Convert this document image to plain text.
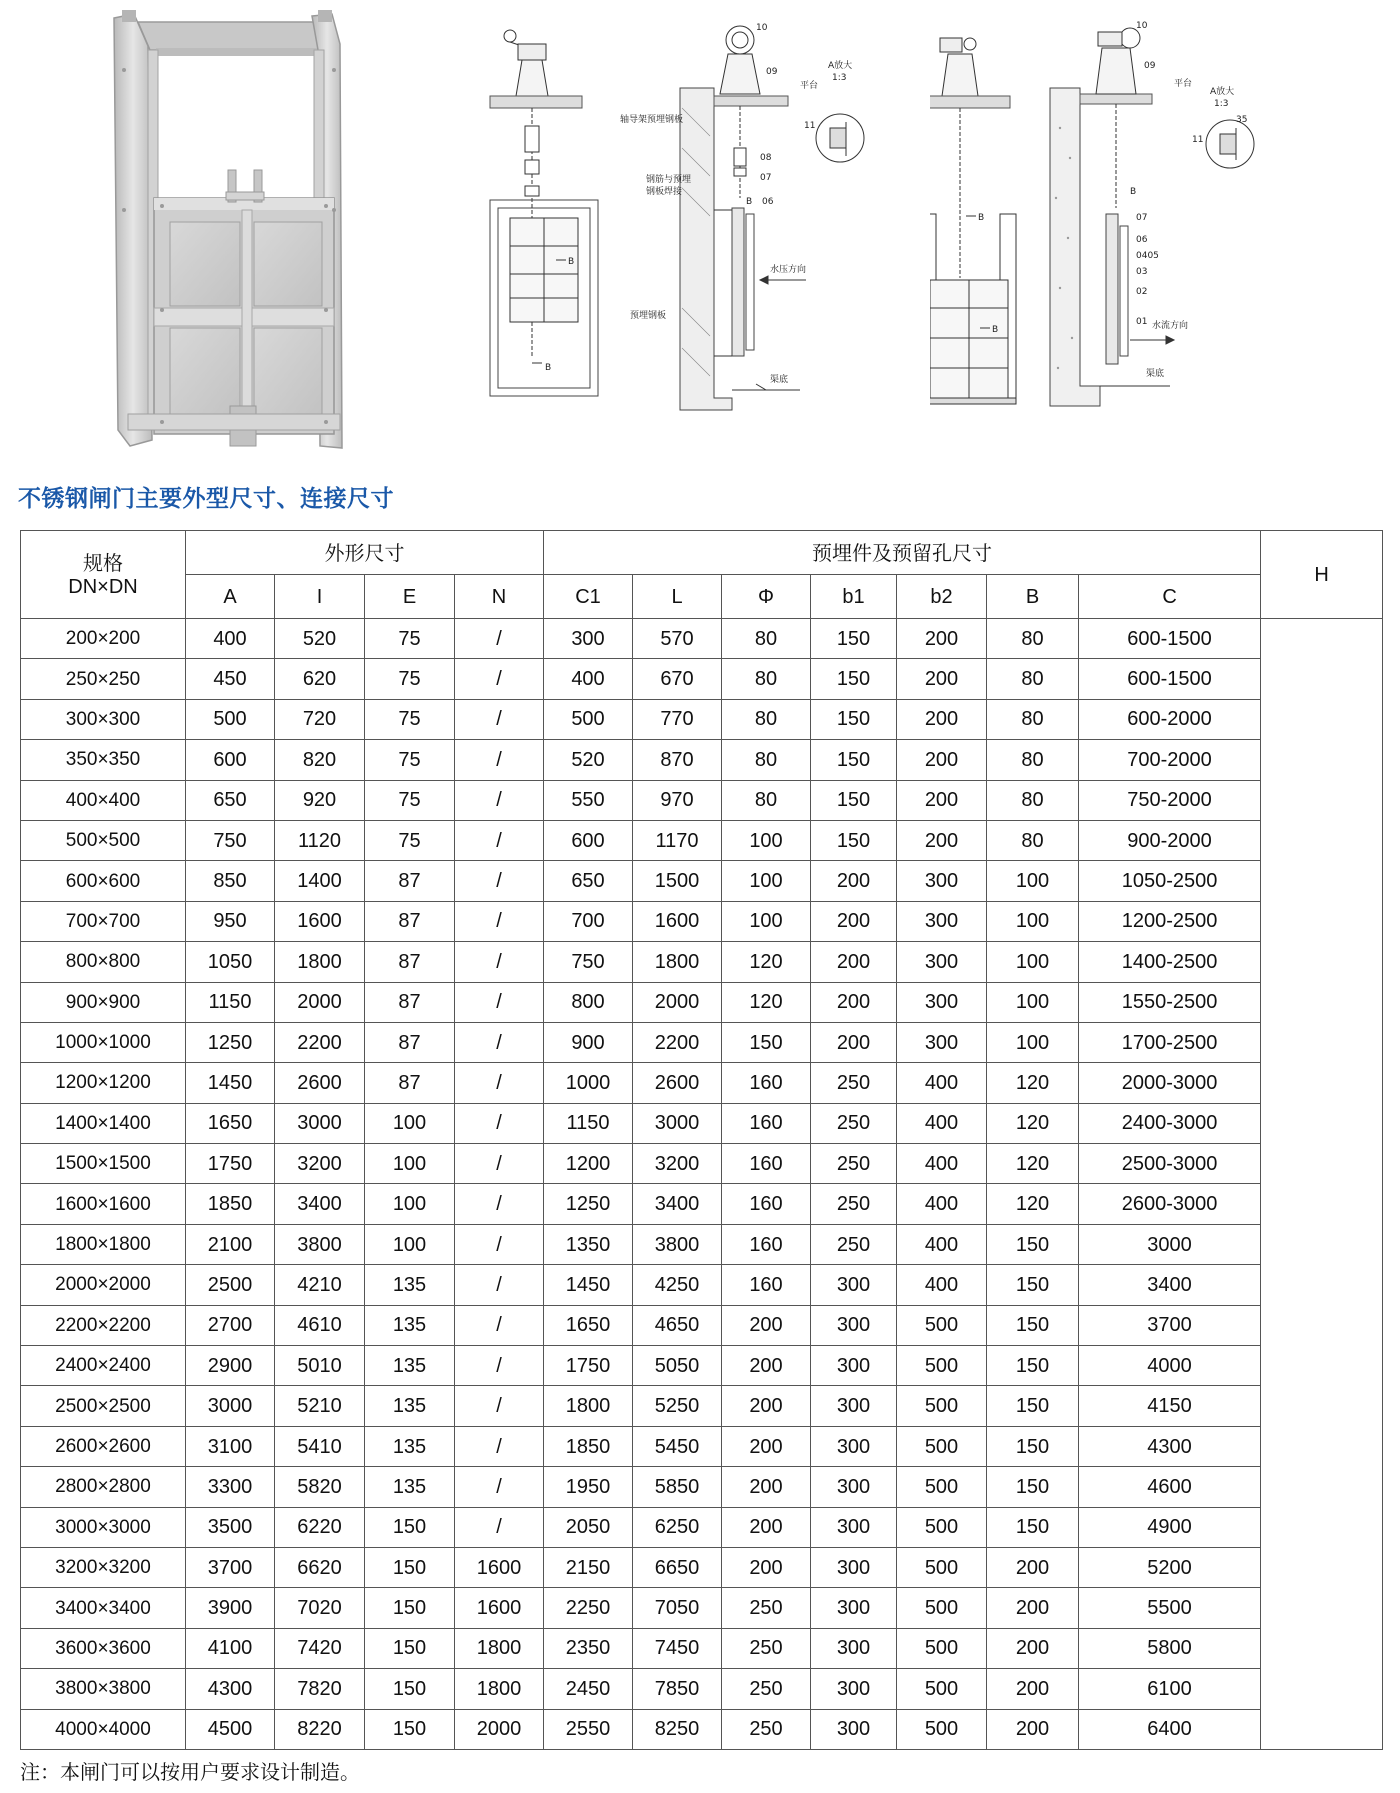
B
B
10
09
平台
A放大
1:3
11
轴导架预埋钢板
08
07
钢筋与预埋
钢板焊接
B 06
水压方向
预埋钢板
渠底
B
B
10
09
平台
A放大
1:3
35
11
B
07
06
0405
03
02
01 水流方向
渠底
不锈钢闸门主要外型尺寸、连接尺寸
规格
DN×DN	外形尺寸				预埋件及预留孔尺寸							H
	A	I	E	N	C1	L	Φ	b1	b2	B	C	
200×200	400	520	75	/	300	570	80	150	200	80	600-1500	
250×250	450	620	75	/	400	670	80	150	200	80	600-1500	
300×300	500	720	75	/	500	770	80	150	200	80	600-2000	
350×350	600	820	75	/	520	870	80	150	200	80	700-2000	
400×400	650	920	75	/	550	970	80	150	200	80	750-2000	
500×500	750	1120	75	/	600	1170	100	150	200	80	900-2000	
600×600	850	1400	87	/	650	1500	100	200	300	100	1050-2500	
700×700	950	1600	87	/	700	1600	100	200	300	100	1200-2500	
800×800	1050	1800	87	/	750	1800	120	200	300	100	1400-2500	
900×900	1150	2000	87	/	800	2000	120	200	300	100	1550-2500	
1000×1000	1250	2200	87	/	900	2200	150	200	300	100	1700-2500	
1200×1200	1450	2600	87	/	1000	2600	160	250	400	120	2000-3000	
1400×1400	1650	3000	100	/	1150	3000	160	250	400	120	2400-3000	
1500×1500	1750	3200	100	/	1200	3200	160	250	400	120	2500-3000	
1600×1600	1850	3400	100	/	1250	3400	160	250	400	120	2600-3000	
1800×1800	2100	3800	100	/	1350	3800	160	250	400	150	3000	
2000×2000	2500	4210	135	/	1450	4250	160	300	400	150	3400	
2200×2200	2700	4610	135	/	1650	4650	200	300	500	150	3700	
2400×2400	2900	5010	135	/	1750	5050	200	300	500	150	4000	
2500×2500	3000	5210	135	/	1800	5250	200	300	500	150	4150	
2600×2600	3100	5410	135	/	1850	5450	200	300	500	150	4300	
2800×2800	3300	5820	135	/	1950	5850	200	300	500	150	4600	
3000×3000	3500	6220	150	/	2050	6250	200	300	500	150	4900	
3200×3200	3700	6620	150	1600	2150	6650	200	300	500	200	5200	
3400×3400	3900	7020	150	1600	2250	7050	250	300	500	200	5500	
3600×3600	4100	7420	150	1800	2350	7450	250	300	500	200	5800	
3800×3800	4300	7820	150	1800	2450	7850	250	300	500	200	6100	
4000×4000	4500	8220	150	2000	2550	8250	250	300	500	200	6400	
注：本闸门可以按用户要求设计制造。
